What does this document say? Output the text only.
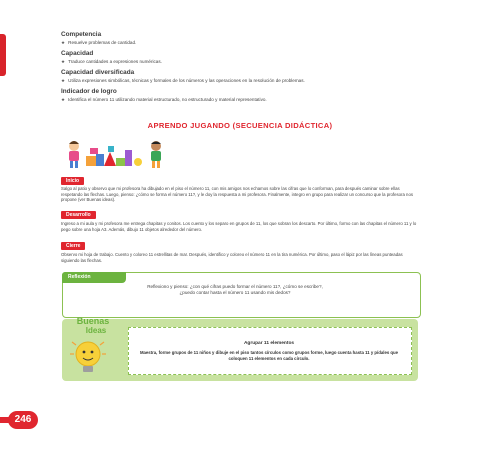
Competencia
★ Resuelve problemas de cantidad.
Capacidad
★ Traduce cantidades a expresiones numéricas.
Capacidad diversificada
★ Utiliza expresiones simbólicas, técnicas y formales de los números y las operaciones en la resolución de problemas.
Indicador de logro
★ Identifica el número 11 utilizando material estructurado, no estructurado y material representativo.
APRENDO JUGANDO (SECUENCIA DIDÁCTICA)
Inicio
Salgo al patio y observo que mi profesora ha dibujado en el piso el número 11, con mis amigos nos echamos sobre las cifras que lo conforman, para después caminar sobre ellas respetando las flechas. Luego, pienso: ¿cómo se forma el número 11?, y le doy la respuesta a mi profesora. Finalmente, integro en grupo para realizar un concurso que la profesora nos propone (ver Buenas ideas).
Desarrollo
Ingreso a mi aula y mi profesora me entrega chapitas y conitos. Los cuento y los separo en grupos de 11, los que sobran los descarto. Por último, formo con las chapitas el número 11 y lo pego sobre una hoja A3. Además, dibujo 11 objetos alrededor del número.
Cierre
Observo mi hoja de trabajo. Cuento y coloreo 11 estrellitas de mar. Después, identifico y coloreo el número 11 en la tira numérica. Por último, paso el lápiz por las líneas punteadas siguiendo las flechas.
Reflexión
Reflexiono y pienso: ¿con qué cifras puedo formar el número 11?, ¿cómo se escribe?,
¿puedo contar hasta el número 11 usando mis dedos?
Buenas
Ideas
Agrupar 11 elementos
Maestra, forme grupos de 11 niños y dibuje en el piso tantos círculos como grupos forme, luego cuenta hasta 11 y pídales que coloquen 11 elementos en cada círculo.
246
